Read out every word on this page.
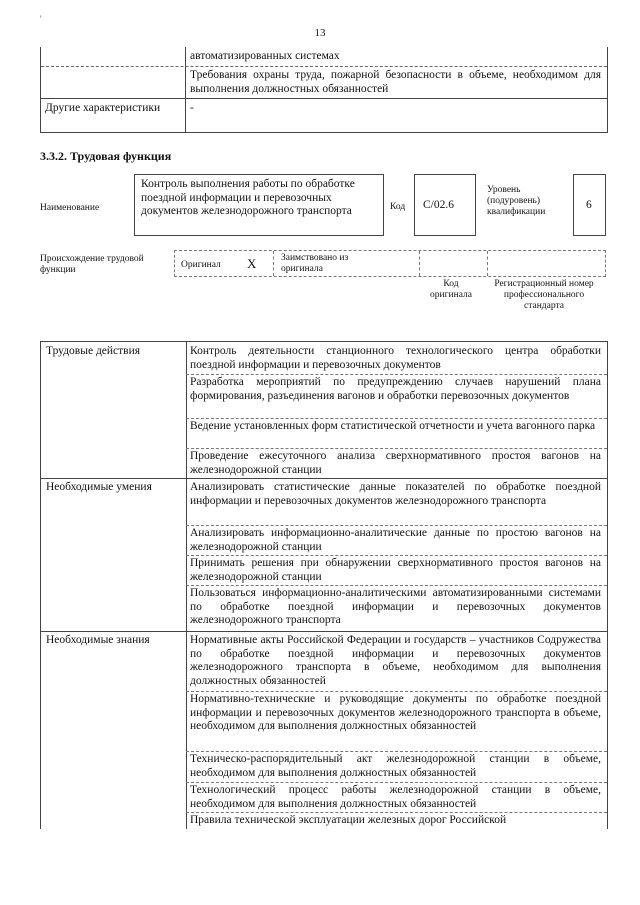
'
13
автоматизированных системах
Требования охраны труда, пожарной безопасности в объеме, необходимом для выполнения должностных обязанностей
Другие характеристики	-
3.3.2. Трудовая функция
Наименование
Контроль выполнения работы по обработке поездной информации и перевозочных документов железнодорожного транспорта	Код C/02.6
Уровень (подуровень) квалификации
6
Происхождение трудовой функции	Оригинал X	Заимствовано из оригинала
Код оригинала
Регистрационный номер профессионального стандарта
Трудовые действия	Контроль деятельности станционного технологического центра обработки поездной информации и перевозочных документов
Разработка мероприятий по предупреждению случаев нарушений плана формирования, разъединения вагонов и обработки перевозочных документов
Ведение установленных форм статистической отчетности и учета вагонного парка
Проведение ежесуточного анализа сверхнормативного простоя вагонов на железнодорожной станции
Необходимые умения	Анализировать статистические данные показателей по обработке поездной информации и перевозочных документов железнодорожного транспорта
Анализировать информационно-аналитические данные по простою вагонов на железнодорожной станции
Принимать решения при обнаружении сверхнормативного простоя вагонов на железнодорожной станции
Пользоваться информационно-аналитическими автоматизированными системами по обработке поездной информации и перевозочных документов железнодорожного транспорта
Необходимые знания	Нормативные акты Российской Федерации и государств – участников Содружества по обработке поездной информации и перевозочных документов железнодорожного транспорта в объеме, необходимом для выполнения должностных обязанностей
Нормативно-технические и руководящие документы по обработке поездной информации и перевозочных документов железнодорожного транспорта в объеме, необходимом для выполнения должностных обязанностей
Техническо-распорядительный акт железнодорожной станции в объеме, необходимом для выполнения должностных обязанностей
Технологический процесс работы железнодорожной станции в объеме, необходимом для выполнения должностных обязанностей
Правила технической эксплуатации железных дорог Российской
